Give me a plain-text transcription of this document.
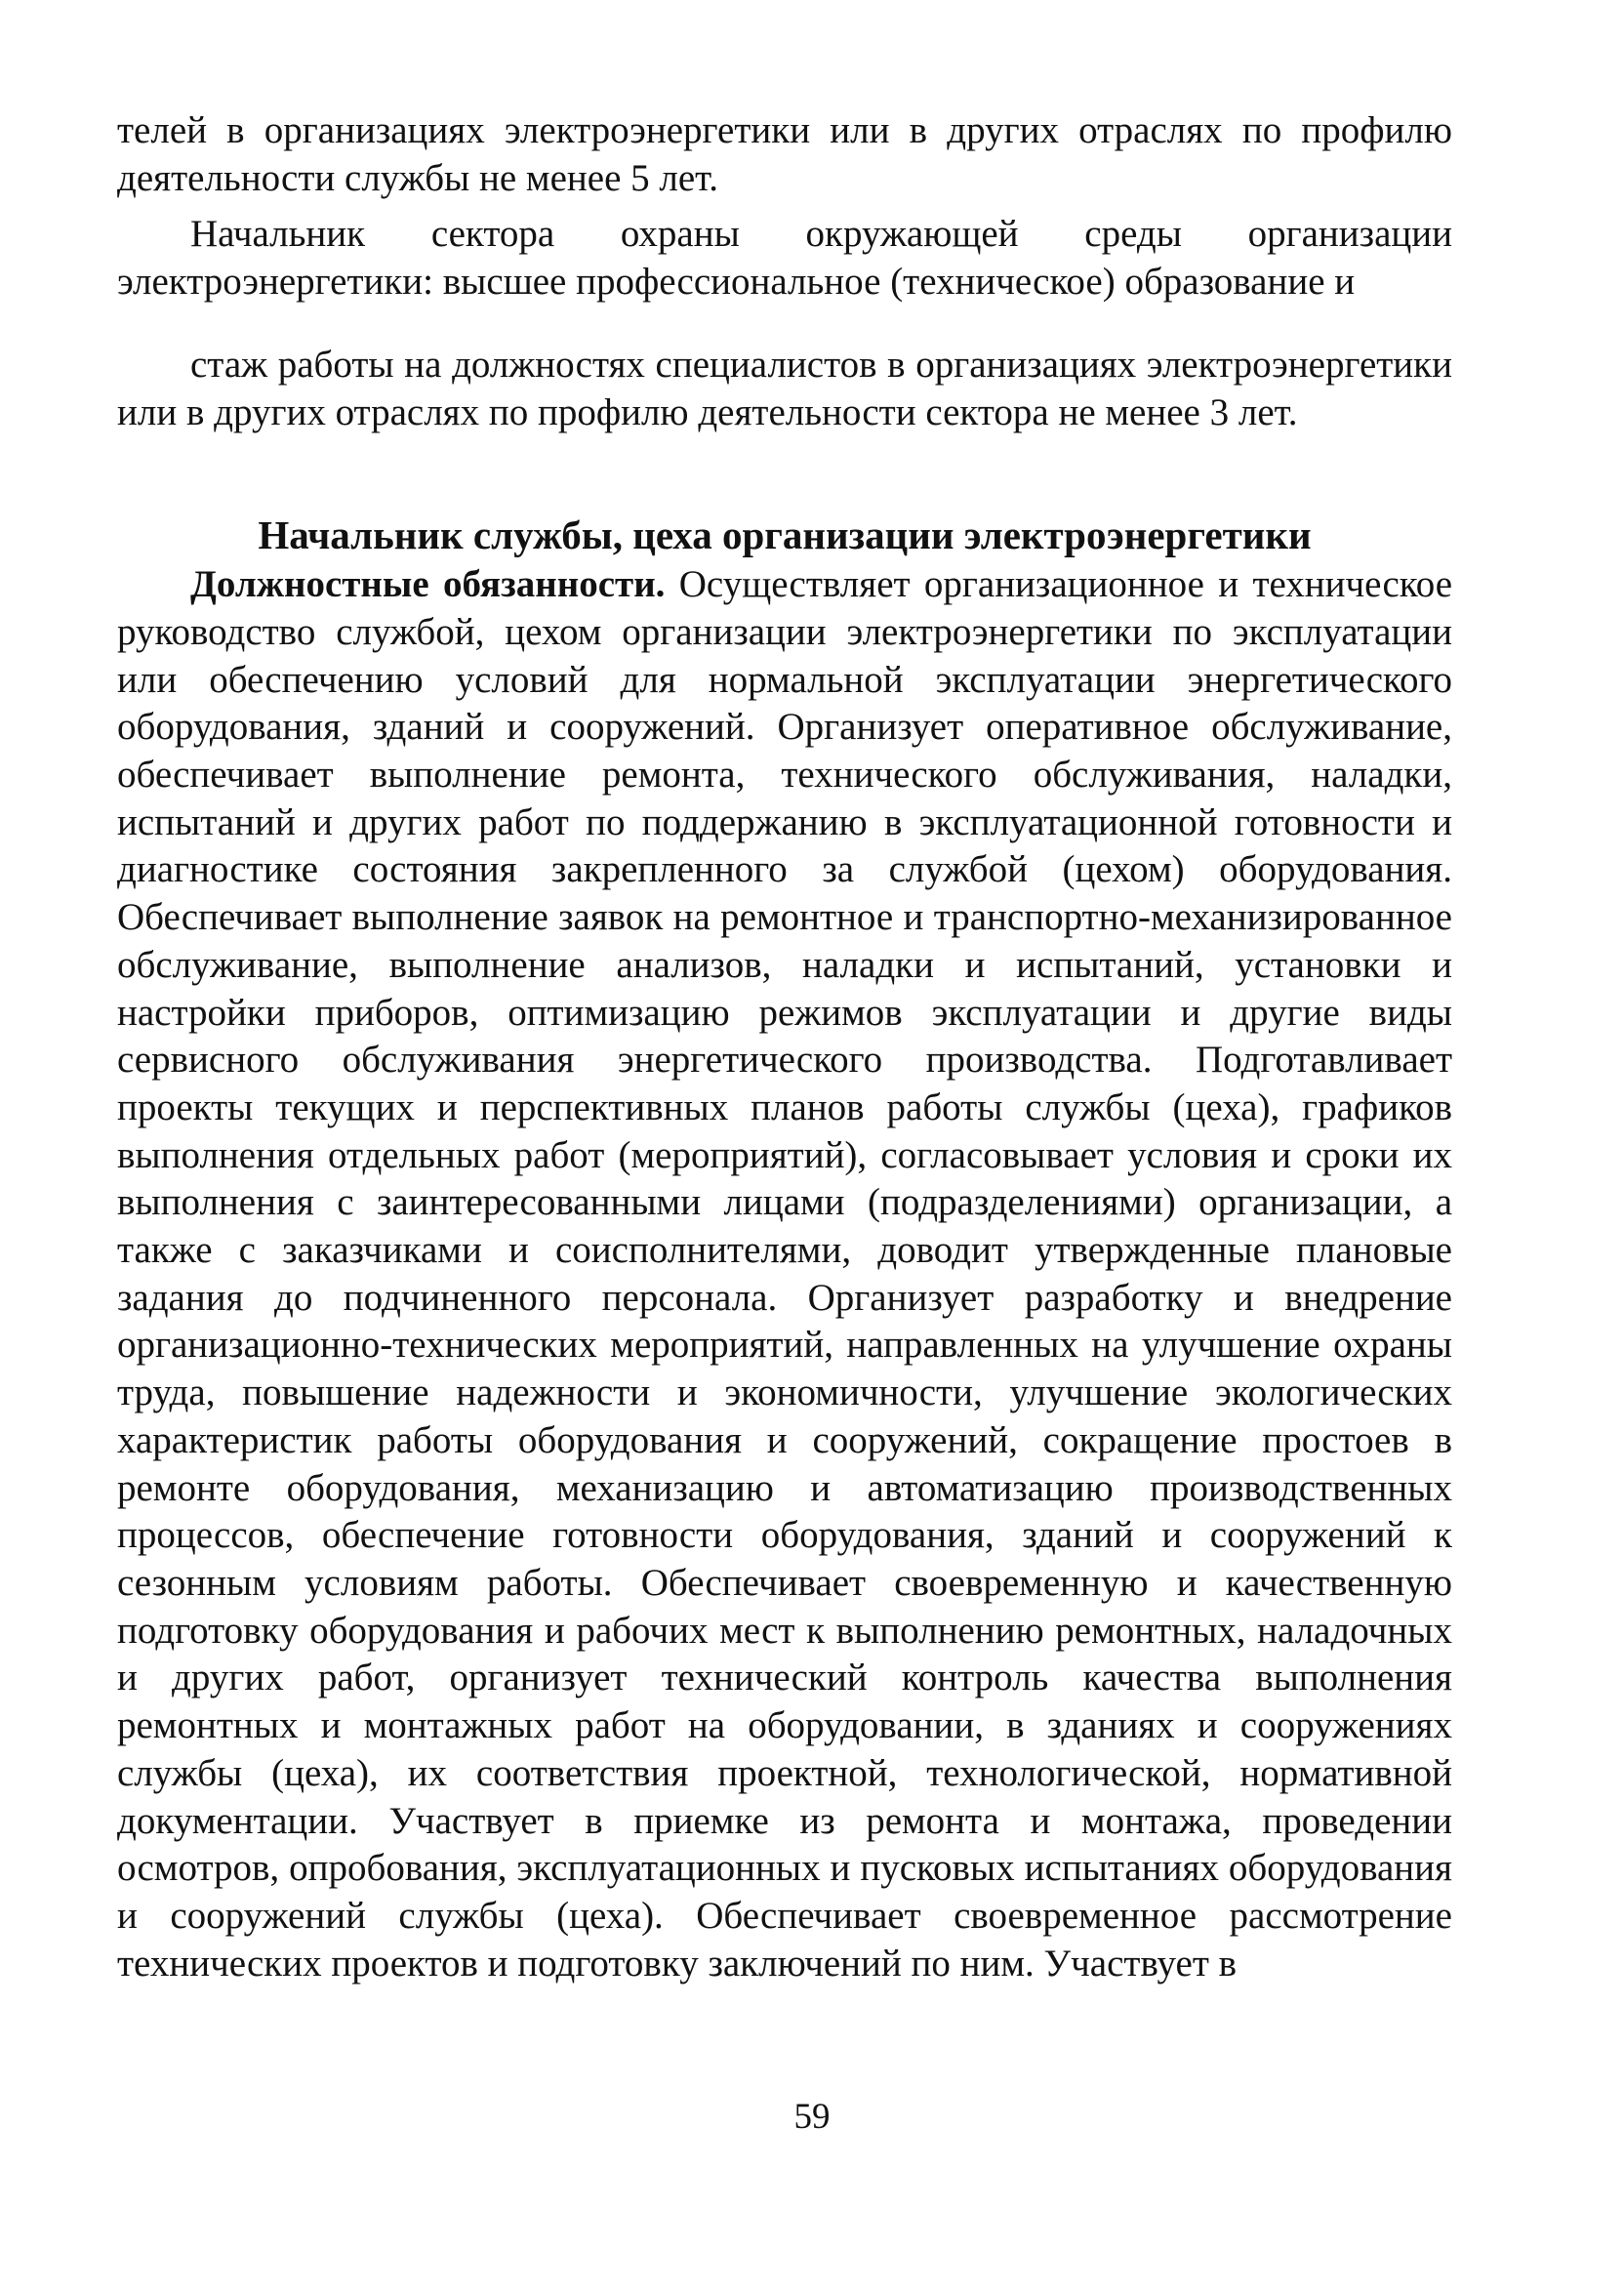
телей в организациях электроэнергетики или в других отраслях по профилю деятельности службы не менее 5 лет.

Начальник сектора охраны окружающей среды организации электроэнергетики: высшее профессиональное (техническое) образование и

стаж работы на должностях специалистов в организациях электроэнергетики или в других отраслях по профилю деятельности сектора не менее 3 лет.

Начальник службы, цеха организации электроэнергетики

Должностные обязанности. Осуществляет организационное и техническое руководство службой, цехом организации электроэнергетики по эксплуатации или обеспечению условий для нормальной эксплуатации энергетического оборудования, зданий и сооружений. Организует оперативное обслуживание, обеспечивает выполнение ремонта, технического обслуживания, наладки, испытаний и других работ по поддержанию в эксплуатационной готовности и диагностике состояния закрепленного за службой (цехом) оборудования. Обеспечивает выполнение заявок на ремонтное и транспортно-механизированное обслуживание, выполнение анализов, наладки и испытаний, установки и настройки приборов, оптимизацию режимов эксплуатации и другие виды сервисного обслуживания энергетического производства. Подготавливает проекты текущих и перспективных планов работы службы (цеха), графиков выполнения отдельных работ (мероприятий), согласовывает условия и сроки их выполнения с заинтересованными лицами (подразделениями) организации, а также с заказчиками и соисполнителями, доводит утвержденные плановые задания до подчиненного персонала. Организует разработку и внедрение организационно-технических мероприятий, направленных на улучшение охраны труда, повышение надежности и экономичности, улучшение экологических характеристик работы оборудования и сооружений, сокращение простоев в ремонте оборудования, механизацию и автоматизацию производственных процессов, обеспечение готовности оборудования, зданий и сооружений к сезонным условиям работы. Обеспечивает своевременную и качественную подготовку оборудования и рабочих мест к выполнению ремонтных, наладочных и других работ, организует технический контроль качества выполнения ремонтных и монтажных работ на оборудовании, в зданиях и сооружениях службы (цеха), их соответствия проектной, технологической, нормативной документации. Участвует в приемке из ремонта и монтажа, проведении осмотров, опробования, эксплуатационных и пусковых испытаниях оборудования и сооружений службы (цеха). Обеспечивает своевременное рассмотрение технических проектов и подготовку заключений по ним. Участвует в

59
